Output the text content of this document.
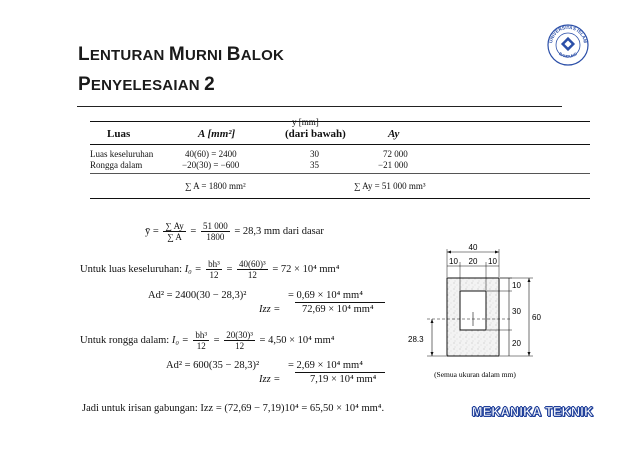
LENTURAN MURNI BALOK
PENYELESAIAN 2
UNIVERSITAS ISLAM
BANDUNG
y [mm]
Luas	A [mm²]	(dari bawah)	Ay
Luas keseluruhan	40(60) = 2400	30	72 000
Rongga dalam	−20(30) = −600	35	−21 000
∑ A = 1800 mm²	∑ Ay = 51 000 mm³
ȳ = $\frac{\sum Ay}{\sum A} = \frac{51 000}{1800} = 28,3$ mm dari dasar
Untuk luas keseluruhan: $I_0 = \frac{\text{bh³}}{12} = \frac{\text{40(60)³}}{12} = 72 \times 10^4$ mm⁴
Ad² = 2400(30 − 28,3)²	= 0,69 × 10⁴ mm⁴
Izz = 72,69 × 10⁴ mm⁴
Untuk rongga dalam: $I_0 = \frac{\text{bh³}}{12} = \frac{\text{20(30)³}}{12} = 4,50 \times 10^4$ mm⁴
Ad² = 600(35 − 28,3)²	= 2,69 × 10⁴ mm⁴
Izz =	7,19 × 10⁴ mm⁴
Jadi untuk irisan gabungan: Izz = (72,69 − 7,19)10⁴ = 65,50 × 10⁴ mm⁴.
40
10 20 10
10
30
20
60
28.3
(Semua ukuran dalam mm)
MEKANIKA TEKNIK
